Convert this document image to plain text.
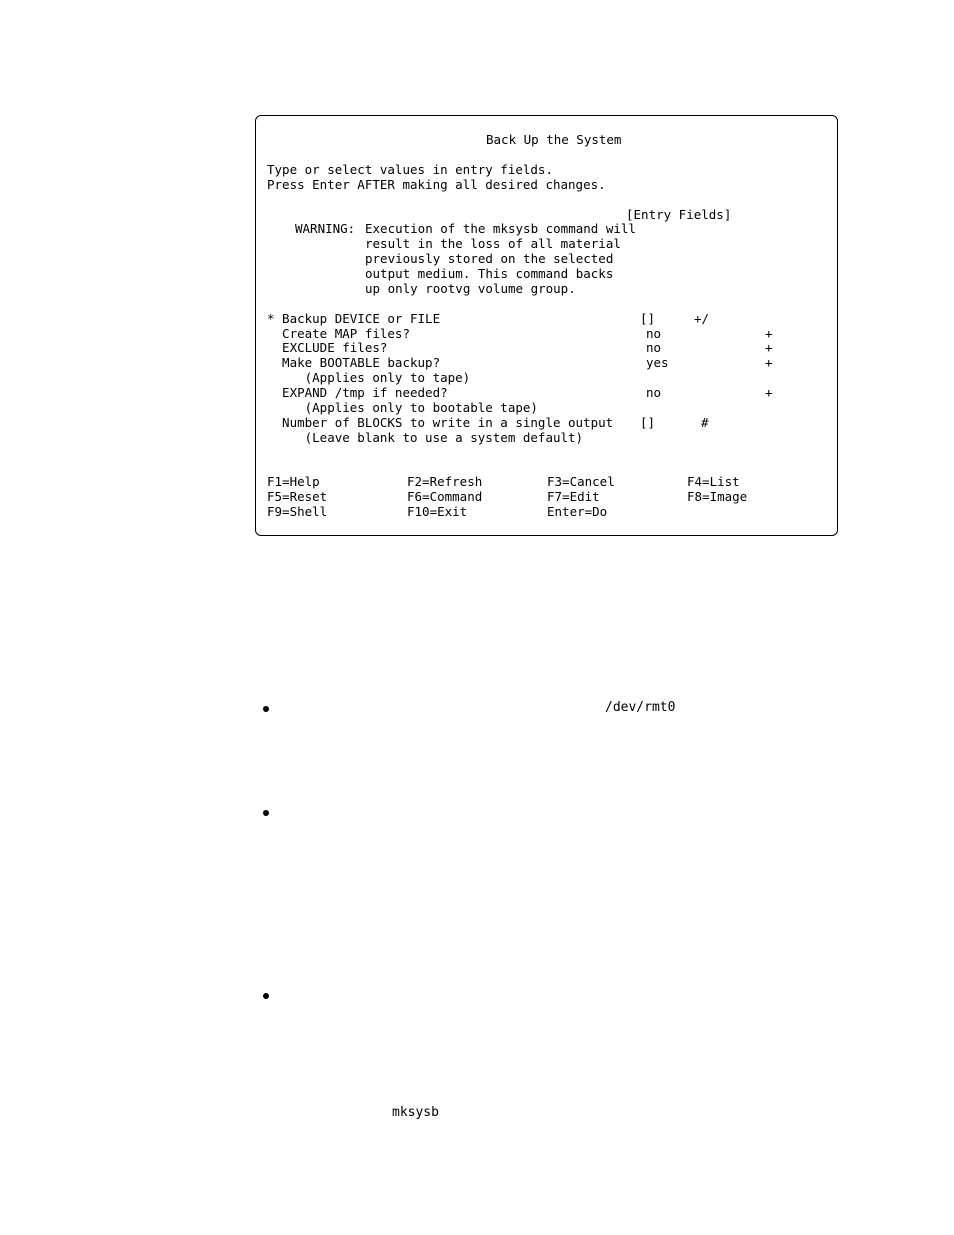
Back Up the System
Type or select values in entry fields.
Press Enter AFTER making all desired changes.
[Entry Fields]
WARNING: Execution of the mksysb command will
result in the loss of all material
previously stored on the selected
output medium. This command backs
up only rootvg volume group.
* Backup DEVICE or FILE	[]	+/
Create MAP files?	no	+
EXCLUDE files?	no	+
Make BOOTABLE backup?	yes	+
(Applies only to tape)
EXPAND /tmp if needed?	no	+
(Applies only to bootable tape)
Number of BLOCKS to write in a single output []	#
(Leave blank to use a system default)
F1=Help	F2=Refresh	F3=Cancel	F4=List
F5=Reset	F6=Command	F7=Edit	F8=Image
F9=Shell	F10=Exit	Enter=Do
/dev/rmt0
mksysb
